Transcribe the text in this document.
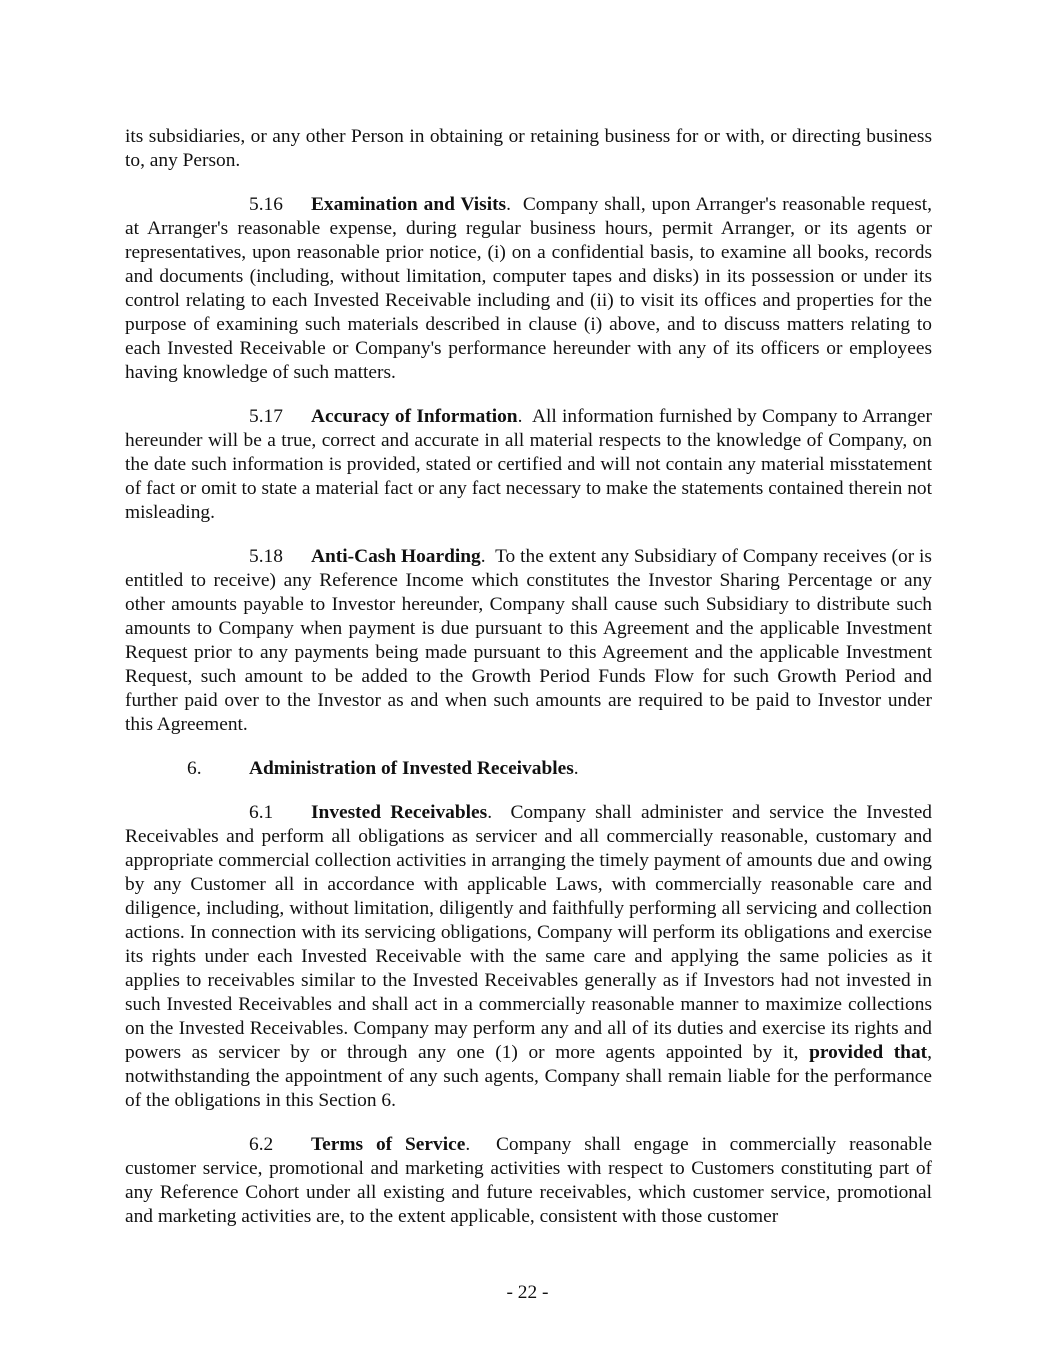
its subsidiaries, or any other Person in obtaining or retaining business for or with, or directing business to, any Person.

5.16 Examination and Visits.  Company shall, upon Arranger's reasonable request, at Arranger's reasonable expense, during regular business hours, permit Arranger, or its agents or representatives, upon reasonable prior notice, (i) on a confidential basis, to examine all books, records and documents (including, without limitation, computer tapes and disks) in its possession or under its control relating to each Invested Receivable including and (ii) to visit its offices and properties for the purpose of examining such materials described in clause (i) above, and to discuss matters relating to each Invested Receivable or Company's performance hereunder with any of its officers or employees having knowledge of such matters.

5.17 Accuracy of Information.  All information furnished by Company to Arranger hereunder will be a true, correct and accurate in all material respects to the knowledge of Company, on the date such information is provided, stated or certified and will not contain any material misstatement of fact or omit to state a material fact or any fact necessary to make the statements contained therein not misleading.

5.18 Anti-Cash Hoarding.  To the extent any Subsidiary of Company receives (or is entitled to receive) any Reference Income which constitutes the Investor Sharing Percentage or any other amounts payable to Investor hereunder, Company shall cause such Subsidiary to distribute such amounts to Company when payment is due pursuant to this Agreement and the applicable Investment Request prior to any payments being made pursuant to this Agreement and the applicable Investment Request, such amount to be added to the Growth Period Funds Flow for such Growth Period and further paid over to the Investor as and when such amounts are required to be paid to Investor under this Agreement.

6. Administration of Invested Receivables.

6.1 Invested Receivables.  Company shall administer and service the Invested Receivables and perform all obligations as servicer and all commercially reasonable, customary and appropriate commercial collection activities in arranging the timely payment of amounts due and owing by any Customer all in accordance with applicable Laws, with commercially reasonable care and diligence, including, without limitation, diligently and faithfully performing all servicing and collection actions. In connection with its servicing obligations, Company will perform its obligations and exercise its rights under each Invested Receivable with the same care and applying the same policies as it applies to receivables similar to the Invested Receivables generally as if Investors had not invested in such Invested Receivables and shall act in a commercially reasonable manner to maximize collections on the Invested Receivables. Company may perform any and all of its duties and exercise its rights and powers as servicer by or through any one (1) or more agents appointed by it, provided that, notwithstanding the appointment of any such agents, Company shall remain liable for the performance of the obligations in this Section 6.

6.2 Terms of Service.  Company shall engage in commercially reasonable customer service, promotional and marketing activities with respect to Customers constituting part of any Reference Cohort under all existing and future receivables, which customer service, promotional and marketing activities are, to the extent applicable, consistent with those customer

- 22 -
